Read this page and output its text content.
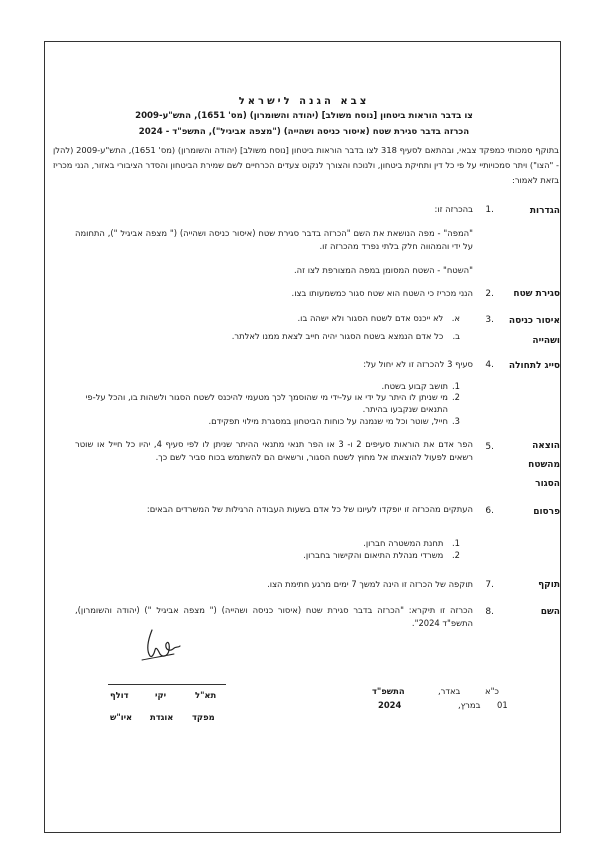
צבא הגנה לישראל
צו בדבר הוראות ביטחון [נוסח משולב] (יהודה והשומרון) (מס' 1651), התש"ע-2009
הכרזה בדבר סגירת שטח (איסור כניסה ושהייה) ("מצפה אביגיל"), התשפ"ד - 2024
בתוקף סמכותי כמפקד צבאי, ובהתאם לסעיף 318 לצו בדבר הוראות ביטחון [נוסח משולב] (יהודה והשומרון) (מס' 1651), התש"ע-2009 (להלן - "הצו") ויתר סמכויותיי על פי כל דין ותחיקת ביטחון, ולנוכח והצורך לנקוט צעדים הכרחיים לשם שמירת הביטחון והסדר הציבורי באזור, הנני מכריז בזאת לאמור:
הגדרות
1.
בהכרזה זו:
"המפה" - מפה הנושאת את השם "הכרזה בדבר סגירת שטח (איסור כניסה ושהייה) (" מצפה אביגיל "), התחומה על ידי והמהווה חלק בלתי נפרד מהכרזה זו.
"השטח" - השטח המסומן במפה המצורפת לצו זה.
סגירת שטח
2.
הנני מכריז כי השטח הוא שטח סגור כמשמעותו בצו.
איסור כניסה
ושהייה
3.
א. לא ייכנס אדם לשטח הסגור ולא ישהה בו.
ב. כל אדם הנמצא בשטח הסגור יהיה חייב לצאת ממנו לאלתר.
סייג לתחולה
4.
סעיף 3 להכרזה זו לא יחול על:
1.תושב קבוע בשטח.
2.מי שניתן לו היתר על ידי או על-ידי מי שהוסמך לכך מטעמי להיכנס לשטח הסגור ולשהות בו, והכל על-פי התנאים שנקבעו בהיתר.
3.חייל, שוטר וכל מי שנמנה על כוחות הביטחון במסגרת מילוי תפקידם.
הוצאה
מהשטח
הסגור
5.
הפר אדם את הוראות סעיפים 2 ו- 3 או הפר תנאי מתנאי ההיתר שניתן לו לפי סעיף 4, יהיו כל חייל או שוטר רשאים לפעול להוצאתו אל מחוץ לשטח הסגור, ורשאים הם להשתמש בכוח סביר לשם כך.
פרסום
6.
העתקים מהכרזה זו יופקדו לעיונו של כל אדם בשעות העבודה הרגילות של המשרדים הבאים:
1. תחנת המשטרה חברון.
2. משרדי מנהלת התיאום והקישור בחברון.
תוקף
7.
תוקפה של הכרזה זו הינה למשך 7 ימים מרגע חתימת הצו.
השם
8.
הכרזה זו תיקרא: "הכרזה בדבר סגירת שטח (איסור כניסה ושהייה) (" מצפה אביגיל ") (יהודה והשומרון), התשפ"ד 2024".
תא"ל
יקי
דולף
מפקד
אוגדת
איו"ש
כ"א
באדר,
התשפ"ד
01
במרץ,
2024
